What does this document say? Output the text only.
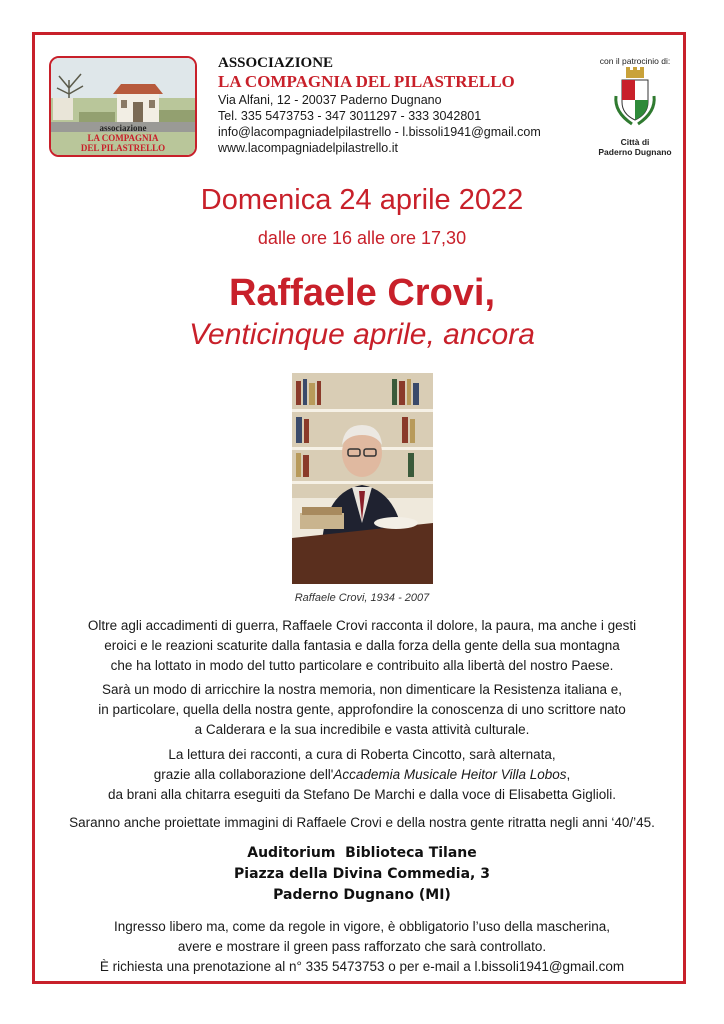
associazione
LA COMPAGNIA
DEL PILASTRELLO
ASSOCIAZIONE
LA COMPAGNIA DEL PILASTRELLO
Via Alfani, 12 - 20037 Paderno Dugnano
Tel. 335 5473753 - 347 3011297 - 333 3042801
info@lacompagniadelpilastrello - l.bissoli1941@gmail.com
www.lacompagniadelpilastrello.it
con il patrocinio di:
Città di
Paderno Dugnano
Domenica 24 aprile 2022
dalle ore 16 alle ore 17,30
Raffaele Crovi,
Venticinque aprile, ancora
Raffaele Crovi, 1934 - 2007
Oltre agli accadimenti di guerra, Raffaele Crovi racconta il dolore, la paura, ma anche i gesti
eroici e le reazioni scaturite dalla fantasia e dalla forza della gente della sua montagna
che ha lottato in modo del tutto particolare e contribuito alla libertà del nostro Paese.
Sarà un modo di arricchire la nostra memoria, non dimenticare la Resistenza italiana e,
in particolare, quella della nostra gente, approfondire la conoscenza di uno scrittore nato
a Calderara e la sua incredibile e vasta attività culturale.
La lettura dei racconti, a cura di Roberta Cincotto, sarà alternata,
grazie alla collaborazione dell'Accademia Musicale Heitor Villa Lobos,
da brani alla chitarra eseguiti da Stefano De Marchi e dalla voce di Elisabetta Giglioli.
Saranno anche proiettate immagini di Raffaele Crovi e della nostra gente ritratta negli anni ‘40/’45.
Auditorium  Biblioteca Tilane
Piazza della Divina Commedia, 3
Paderno Dugnano (MI)
Ingresso libero ma, come da regole in vigore, è obbligatorio l’uso della mascherina,
avere e mostrare il green pass rafforzato che sarà controllato.
È richiesta una prenotazione al n° 335 5473753 o per e-mail a l.bissoli1941@gmail.com
